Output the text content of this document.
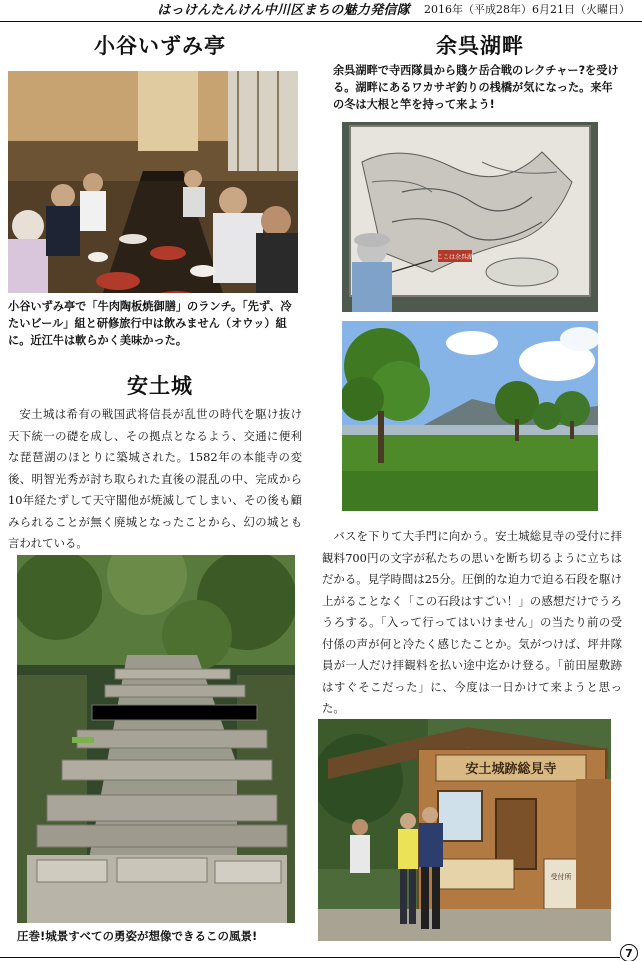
はっけんたんけん中川区まちの魅力発信隊 2016年（平成28年）6月21日（火曜日）
小谷いずみ亭
小谷いずみ亭で「牛肉陶板焼御膳」のランチ。「先ず、冷たいビール」組と研修旅行中は飲みません（オウッ）組に。近江牛は軟らかく美味かった。
安土城
安土城は希有の戦国武将信長が乱世の時代を駆け抜け天下統一の礎を成し、その拠点となるよう、交通に便利な琵琶湖のほとりに築城された。1582年の本能寺の変後、明智光秀が討ち取られた直後の混乱の中、完成から10年経たずして天守閣他が焼滅してしまい、その後も顧みられることが無く廃城となったことから、幻の城とも言われている。
圧巻!城景すべての勇姿が想像できるこの風景!
余呉湖畔
余呉湖畔で寺西隊員から賤ケ岳合戦のレクチャー?を受ける。湖畔にあるワカサギ釣りの桟橋が気になった。来年の冬は大根と竿を持って来よう!
ここは余呉湖
バスを下りて大手門に向かう。安土城総見寺の受付に拝観料700円の文字が私たちの思いを断ち切るように立ちはだかる。見学時間は25分。圧倒的な迫力で迫る石段を駆け上がることなく「この石段はすごい！」の感想だけでうろうろする。「入って行ってはいけません」の当たり前の受付係の声が何と冷たく感じたことか。気がつけば、坪井隊員が一人だけ拝観料を払い途中迄かけ登る。「前田屋敷跡はすぐそこだった」に、今度は一日かけて来ようと思った。
安土城跡総見寺
受付所
7
